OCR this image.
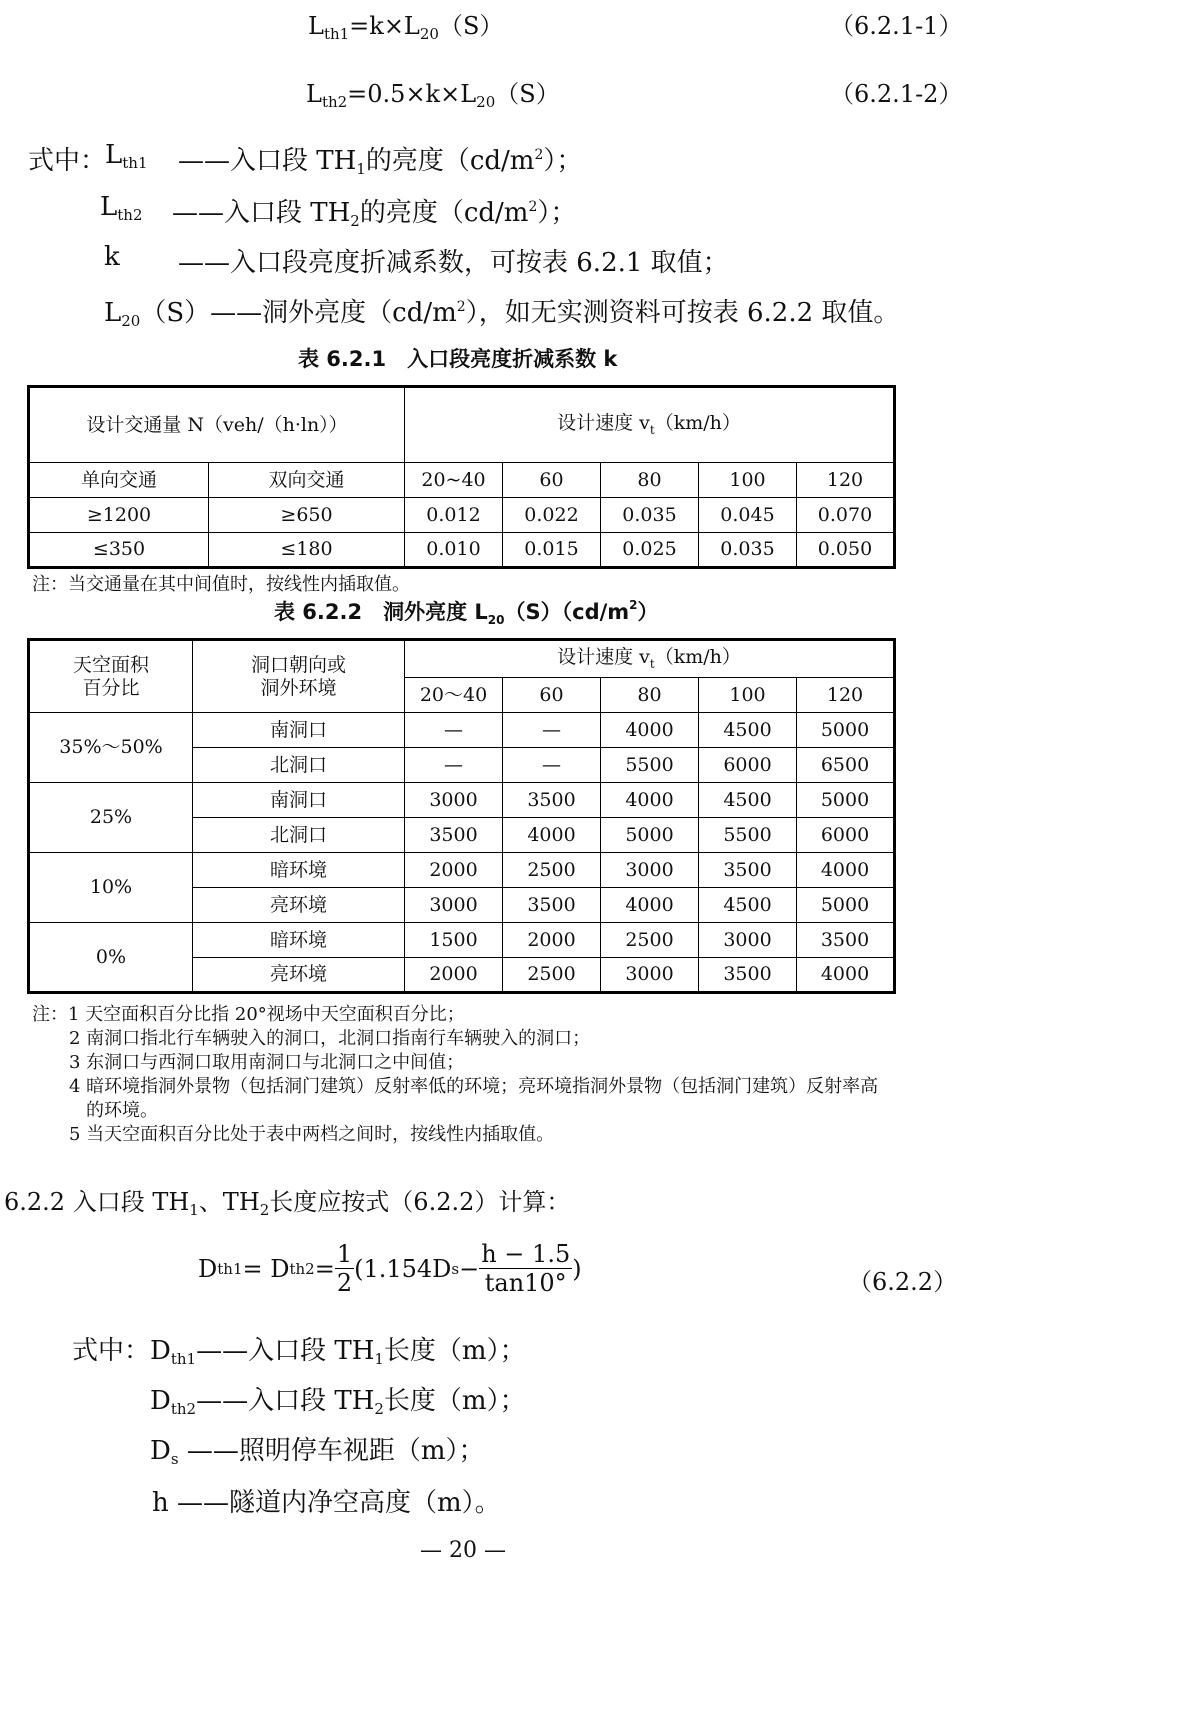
$L_{th1}=k\times L_{20}(S)$	（6.2.1-1）
$L_{th2}=0.5\times k\times L_{20}(S)$	（6.2.1-2）
式中：
$L_{th1}$ ——入口段 $TH_1$的亮度$(cd/m^2)$；
$L_{th2}$ ——入口段 $TH_2$的亮度$(cd/m^2)$；
k ——入口段亮度折减系数，可按表 6.2.1 取值；
$L_{20}(S)——$洞外亮度$(cd/m^2)$，如无实测资料可按表 6.2.2 取值。
表 6.2.1　入口段亮度折减系数 k
设计交通量 N（veh/（h·ln））		设计速度 $v_t(km/h)$				
单向交通	双向交通	20~40	60	80	100	120
≥1200	≥650	0.012	0.022	0.035	0.045	0.070
≤350	≤180	0.010	0.015	0.025	0.035	0.050
注：当交通量在其中间值时，按线性内插取值。
表 6.2.2　洞外亮度 $L_{20}(S)(cd/m^2)$
天空面积
百分比	洞口朝向或
洞外环境	设计速度 $v_t(km/h)$				
		20～40	60	80	100	120
35%～50%	南洞口	—	—	4000	4500	5000
	北洞口	—	—	5500	6000	6500
25%	南洞口	3000	3500	4000	4500	5000
	北洞口	3500	4000	5000	5500	6000
10%	暗环境	2000	2500	3000	3500	4000
	亮环境	3000	3500	4000	4500	5000
0%	暗环境	1500	2000	2500	3000	3500
	亮环境	2000	2500	3000	3500	4000
注：1 天空面积百分比指 20°视场中天空面积百分比；
2 南洞口指北行车辆驶入的洞口，北洞口指南行车辆驶入的洞口；
3 东洞口与西洞口取用南洞口与北洞口之中间值；
4 暗环境指洞外景物（包括洞门建筑）反射率低的环境；亮环境指洞外景物（包括洞门建筑）反射率高
的环境。
5 当天空面积百分比处于表中两档之间时，按线性内插取值。
6.2.2 入口段 $TH_1$、$TH_2$长度应按式（6.2.2）计算：
D th1 = D $th2 = \frac{1}{2} (1.154D$ $s - \frac{h - 1.5}{\tan 10^\circ}$ )	（6.2.2）
式中： $D_{th1}——$入口段 $TH_1$长度（m）；
$D_{th2}——$入口段 $TH_2$长度（m）；
$D_s$ ——照明停车视距（m）；
h ——隧道内净空高度（m）。
— 20 —
